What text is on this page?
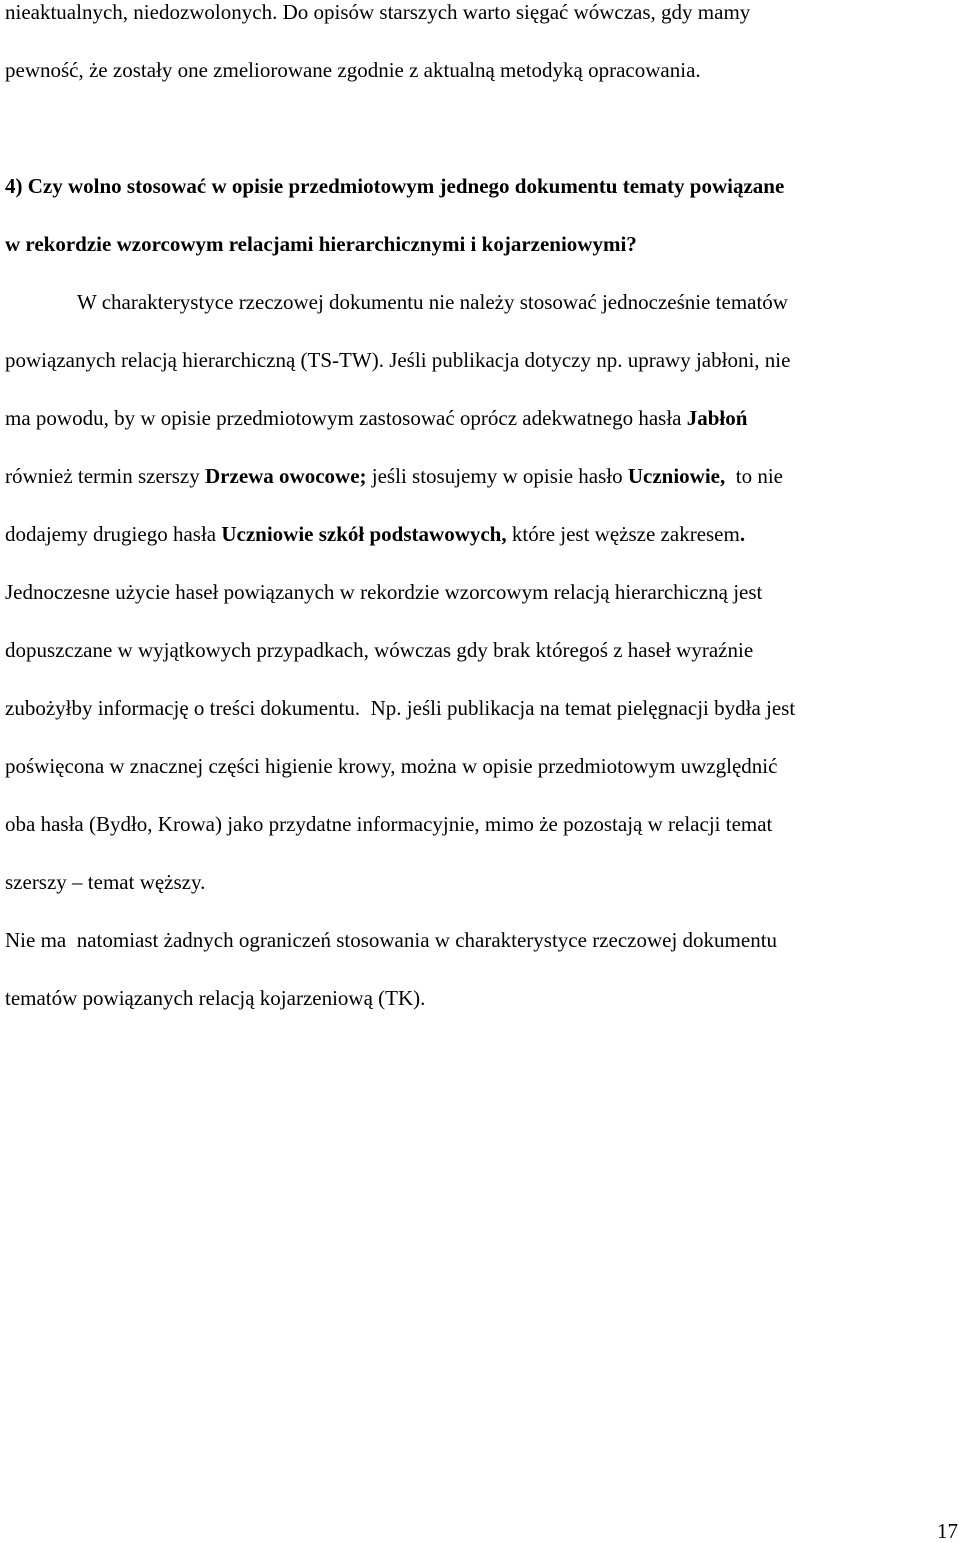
nieaktualnych, niedozwolonych. Do opisów starszych warto sięgać wówczas, gdy mamy
pewność, że zostały one zmeliorowane zgodnie z aktualną metodyką opracowania.
4) Czy wolno stosować w opisie przedmiotowym jednego dokumentu tematy powiązane
w rekordzie wzorcowym relacjami hierarchicznymi i kojarzeniowymi?
W charakterystyce rzeczowej dokumentu nie należy stosować jednocześnie tematów
powiązanych relacją hierarchiczną (TS-TW). Jeśli publikacja dotyczy np. uprawy jabłoni, nie
ma powodu, by w opisie przedmiotowym zastosować oprócz adekwatnego hasła Jabłoń
również termin szerszy Drzewa owocowe; jeśli stosujemy w opisie hasło Uczniowie,  to nie
dodajemy drugiego hasła Uczniowie szkół podstawowych, które jest węższe zakresem.
Jednoczesne użycie haseł powiązanych w rekordzie wzorcowym relacją hierarchiczną jest
dopuszczane w wyjątkowych przypadkach, wówczas gdy brak któregoś z haseł wyraźnie
zubożyłby informację o treści dokumentu.  Np. jeśli publikacja na temat pielęgnacji bydła jest
poświęcona w znacznej części higienie krowy, można w opisie przedmiotowym uwzględnić
oba hasła (Bydło, Krowa) jako przydatne informacyjnie, mimo że pozostają w relacji temat
szerszy – temat węższy.
Nie ma  natomiast żadnych ograniczeń stosowania w charakterystyce rzeczowej dokumentu
tematów powiązanych relacją kojarzeniową (TK).
17
